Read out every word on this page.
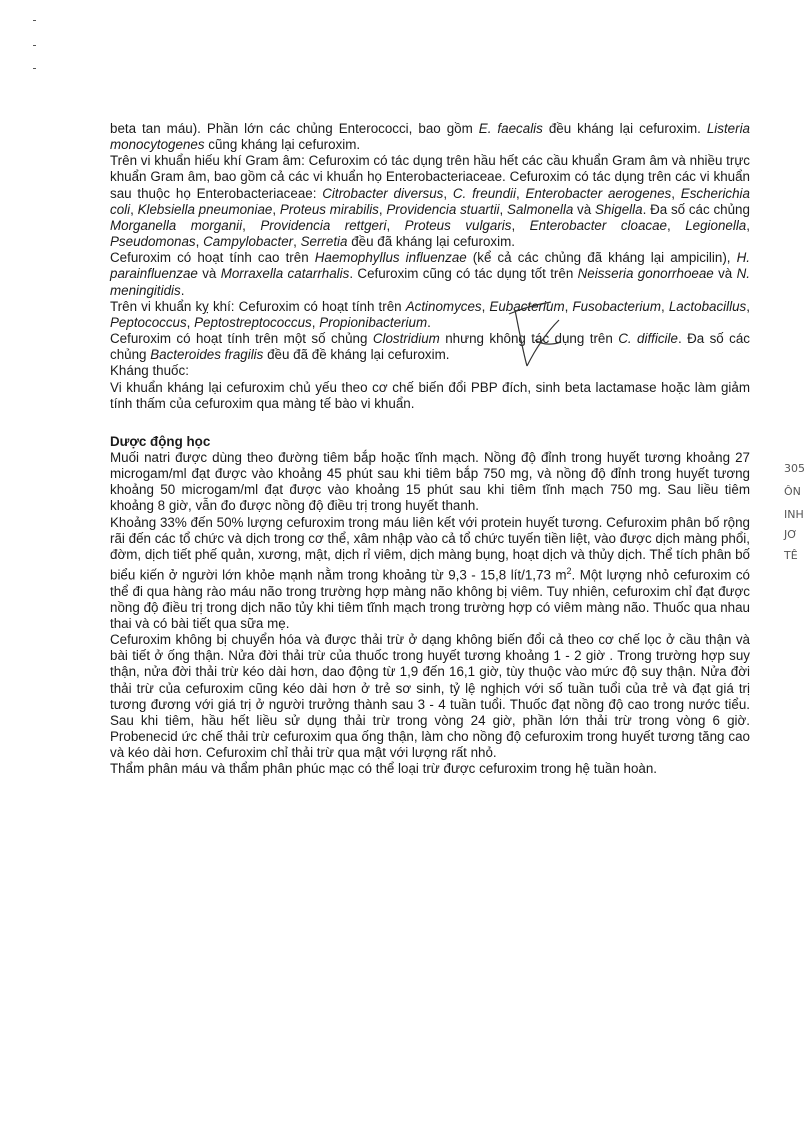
305
ÔN
INH
JƠ
TÊ

beta tan máu). Phần lớn các chủng Enterococci, bao gồm E. faecalis đều kháng lại cefuroxim. Listeria monocytogenes cũng kháng lại cefuroxim.

Trên vi khuẩn hiếu khí Gram âm: Cefuroxim có tác dụng trên hầu hết các cầu khuẩn Gram âm và nhiều trực khuẩn Gram âm, bao gồm cả các vi khuẩn họ Enterobacteriaceae. Cefuroxim có tác dụng trên các vi khuẩn sau thuộc họ Enterobacteriaceae: Citrobacter diversus, C. freundii, Enterobacter aerogenes, Escherichia coli, Klebsiella pneumoniae, Proteus mirabilis, Providencia stuartii, Salmonella và Shigella. Đa số các chủng Morganella morganii, Providencia rettgeri, Proteus vulgaris, Enterobacter cloacae, Legionella, Pseudomonas, Campylobacter, Serretia đều đã kháng lại cefuroxim.

Cefuroxim có hoạt tính cao trên Haemophyllus influenzae (kể cả các chủng đã kháng lại ampicilin), H. parainfluenzae và Morraxella catarrhalis. Cefuroxim cũng có tác dụng tốt trên Neisseria gonorrhoeae và N. meningitidis.

Trên vi khuẩn kỵ khí: Cefuroxim có hoạt tính trên Actinomyces, Eubacterium, Fusobacterium, Lactobacillus, Peptococcus, Peptostreptococcus, Propionibacterium.

Cefuroxim có hoạt tính trên một số chủng Clostridium nhưng không tác dụng trên C. difficile. Đa số các chủng Bacteroides fragilis đều đã đề kháng lại cefuroxim.

Kháng thuốc:

Vi khuẩn kháng lại cefuroxim chủ yếu theo cơ chế biến đổi PBP đích, sinh beta lactamase hoặc làm giảm tính thấm của cefuroxim qua màng tế bào vi khuẩn.

Dược động học

Muối natri được dùng theo đường tiêm bắp hoặc tĩnh mạch. Nồng độ đỉnh trong huyết tương khoảng 27 microgam/ml đạt được vào khoảng 45 phút sau khi tiêm bắp 750 mg, và nồng độ đỉnh trong huyết tương khoảng 50 microgam/ml đạt được vào khoảng 15 phút sau khi tiêm tĩnh mạch 750 mg. Sau liều tiêm khoảng 8 giờ, vẫn đo được nồng độ điều trị trong huyết thanh.

Khoảng 33% đến 50% lượng cefuroxim trong máu liên kết với protein huyết tương. Cefuroxim phân bố rộng rãi đến các tổ chức và dịch trong cơ thể, xâm nhập vào cả tổ chức tuyến tiền liệt, vào được dịch màng phổi, đờm, dịch tiết phế quản, xương, mật, dịch rỉ viêm, dịch màng bụng, hoạt dịch và thủy dịch. Thể tích phân bố biểu kiến ở người lớn khỏe mạnh nằm trong khoảng từ 9,3 - 15,8 lít/1,73 $m^2$. Một lượng nhỏ cefuroxim có thể đi qua hàng rào máu não trong trường hợp màng não không bị viêm. Tuy nhiên, cefuroxim chỉ đạt được nồng độ điều trị trong dịch não tủy khi tiêm tĩnh mạch trong trường hợp có viêm màng não. Thuốc qua nhau thai và có bài tiết qua sữa mẹ.

Cefuroxim không bị chuyển hóa và được thải trừ ở dạng không biến đổi cả theo cơ chế lọc ở cầu thận và bài tiết ở ống thận. Nửa đời thải trừ của thuốc trong huyết tương khoảng 1 - 2 giờ . Trong trường hợp suy thận, nửa đời thải trừ kéo dài hơn, dao động từ 1,9 đến 16,1 giờ, tùy thuộc vào mức độ suy thận. Nửa đời thải trừ của cefuroxim cũng kéo dài hơn ở trẻ sơ sinh, tỷ lệ nghịch với số tuần tuổi của trẻ và đạt giá trị tương đương với giá trị ở người trưởng thành sau 3 - 4 tuần tuổi. Thuốc đạt nồng độ cao trong nước tiểu. Sau khi tiêm, hầu hết liều sử dụng thải trừ trong vòng 24 giờ, phần lớn thải trừ trong vòng 6 giờ. Probenecid ức chế thải trừ cefuroxim qua ống thận, làm cho nồng độ cefuroxim trong huyết tương tăng cao và kéo dài hơn. Cefuroxim chỉ thải trừ qua mật với lượng rất nhỏ.

Thẩm phân máu và thẩm phân phúc mạc có thể loại trừ được cefuroxim trong hệ tuần hoàn.
